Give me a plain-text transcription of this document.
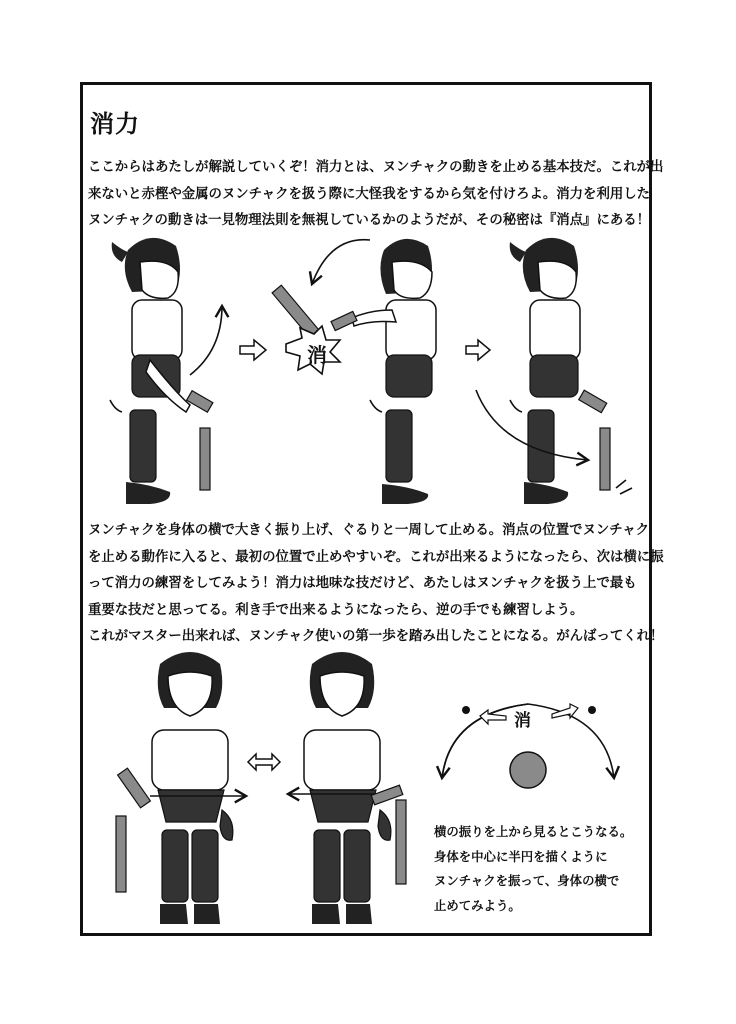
消力
ここからはあたしが解説していくぞ！消力とは、ヌンチャクの動きを止める基本技だ。これが出
来ないと赤樫や金属のヌンチャクを扱う際に大怪我をするから気を付けろよ。消力を利用した
ヌンチャクの動きは一見物理法則を無視しているかのようだが、その秘密は『消点』にある！
消
消
ヌンチャクを身体の横で大きく振り上げ、ぐるりと一周して止める。消点の位置でヌンチャク
を止める動作に入ると、最初の位置で止めやすいぞ。これが出来るようになったら、次は横に振
って消力の練習をしてみよう！消力は地味な技だけど、あたしはヌンチャクを扱う上で最も
重要な技だと思ってる。利き手で出来るようになったら、逆の手でも練習しよう。
これがマスター出来れば、ヌンチャク使いの第一歩を踏み出したことになる。がんばってくれ！
横の振りを上から見るとこうなる。
身体を中心に半円を描くように
ヌンチャクを振って、身体の横で
止めてみよう。
